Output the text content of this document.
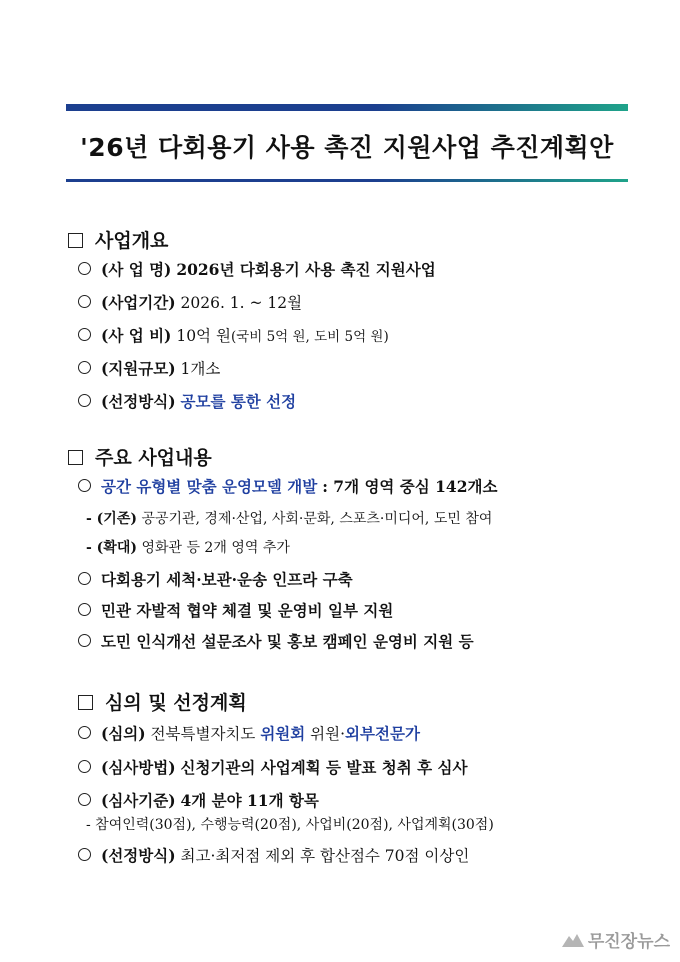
'26년 다회용기 사용 촉진 지원사업 추진계획안
사업개요
(사 업 명) 2026년 다회용기 사용 촉진 지원사업
(사업기간) 2026. 1. ~ 12월
(사 업 비) 10억 원(국비 5억 원, 도비 5억 원)
(지원규모) 1개소
(선정방식) 공모를 통한 선정
주요 사업내용
공간 유형별 맞춤 운영모델 개발 : 7개 영역 중심 142개소
- (기존) 공공기관, 경제·산업, 사회·문화, 스포츠·미디어, 도민 참여
- (확대) 영화관 등 2개 영역 추가
다회용기 세척·보관·운송 인프라 구축
민관 자발적 협약 체결 및 운영비 일부 지원
도민 인식개선 설문조사 및 홍보 캠페인 운영비 지원 등
심의 및 선정계획
(심의) 전북특별자치도 위원회 위원·외부전문가
(심사방법) 신청기관의 사업계획 등 발표 청취 후 심사
(심사기준) 4개 분야 11개 항목
- 참여인력(30점), 수행능력(20점), 사업비(20점), 사업계획(30점)
(선정방식) 최고·최저점 제외 후 합산점수 70점 이상인
무진장뉴스
